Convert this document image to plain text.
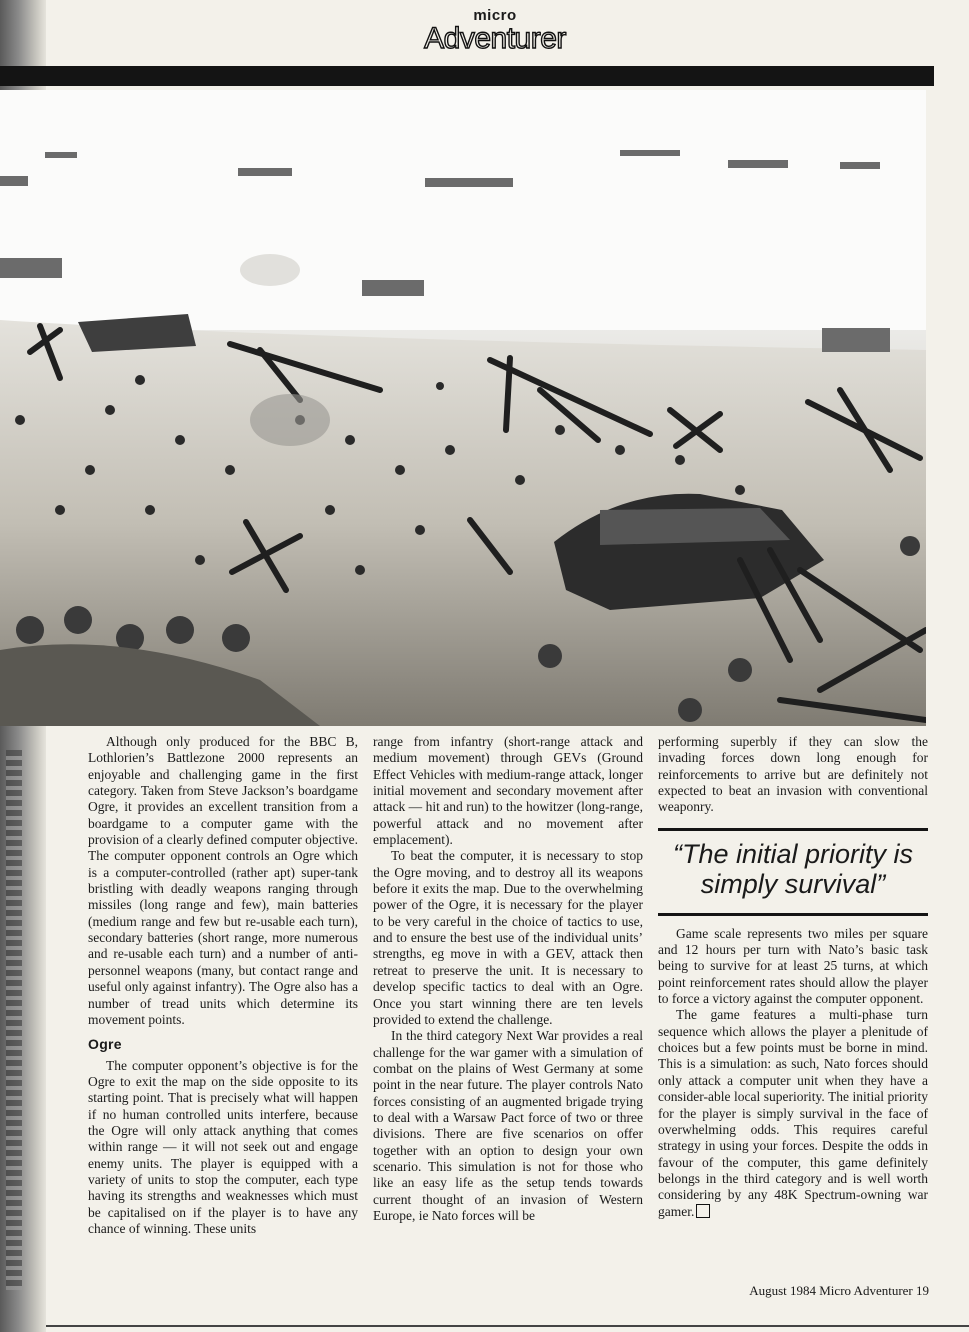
micro
Adventurer

Although only produced for the BBC B, Lothlorien’s Battlezone 2000 represents an enjoyable and challenging game in the first category. Taken from Steve Jackson’s boardgame Ogre, it provides an excellent transition from a boardgame to a computer game with the provision of a clearly defined computer objective. The computer opponent controls an Ogre which is a computer-controlled (rather apt) super-tank bristling with deadly weapons ranging through missiles (long range and few), main batteries (medium range and few but re-usable each turn), secondary batteries (short range, more numerous and re-usable each turn) and a number of anti-personnel weapons (many, but contact range and useful only against infantry). The Ogre also has a number of tread units which determine its movement points.

Ogre

The computer opponent’s objective is for the Ogre to exit the map on the side opposite to its starting point. That is precisely what will happen if no human controlled units interfere, because the Ogre will only attack anything that comes within range — it will not seek out and engage enemy units. The player is equipped with a variety of units to stop the computer, each type having its strengths and weaknesses which must be capitalised on if the player is to have any chance of winning. These units

range from infantry (short-range attack and medium movement) through GEVs (Ground Effect Vehicles with medium-range attack, longer initial movement and secondary movement after attack — hit and run) to the howitzer (long-range, powerful attack and no movement after emplacement).

To beat the computer, it is necessary to stop the Ogre moving, and to destroy all its weapons before it exits the map. Due to the overwhelming power of the Ogre, it is necessary for the player to be very careful in the choice of tactics to use, and to ensure the best use of the individual units’ strengths, eg move in with a GEV, attack then retreat to preserve the unit. It is necessary to develop specific tactics to deal with an Ogre. Once you start winning there are ten levels provided to extend the challenge.

In the third category Next War provides a real challenge for the war gamer with a simulation of combat on the plains of West Germany at some point in the near future. The player controls Nato forces consisting of an augmented brigade trying to deal with a Warsaw Pact force of two or three divisions. There are five scenarios on offer together with an option to design your own scenario. This simulation is not for those who like an easy life as the setup tends towards current thought of an invasion of Western Europe, ie Nato forces will be

performing superbly if they can slow the invading forces down long enough for reinforcements to arrive but are definitely not expected to beat an invasion with conventional weaponry.

“The initial priority is simply survival”

Game scale represents two miles per square and 12 hours per turn with Nato’s basic task being to survive for at least 25 turns, at which point reinforcement rates should allow the player to force a victory against the computer opponent.

The game features a multi-phase turn sequence which allows the player a plenitude of choices but a few points must be borne in mind. This is a simulation: as such, Nato forces should only attack a computer unit when they have a consider-able local superiority. The initial priority for the player is simply survival in the face of overwhelming odds. This requires careful strategy in using your forces. Despite the odds in favour of the computer, this game definitely belongs in the third category and is well worth considering by any 48K Spectrum-owning war gamer.

August 1984 Micro Adventurer 19
